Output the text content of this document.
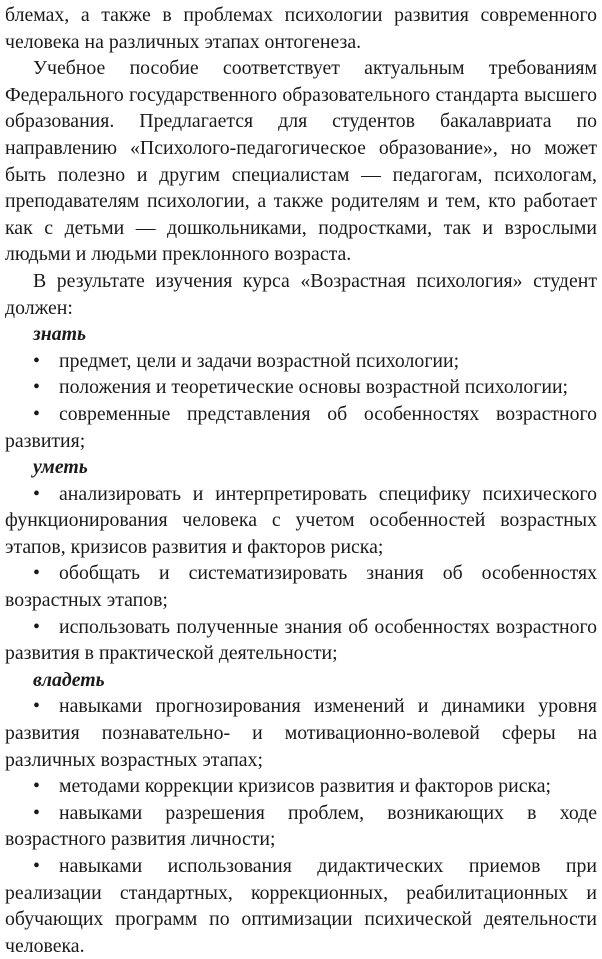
блемах, а также в проблемах психологии развития современного человека на различных этапах онтогенеза.

Учебное пособие соответствует актуальным требованиям Федерального государственного образовательного стандарта высшего образования. Предлагается для студентов бакалавриата по направлению «Психолого-педагогическое образование», но может быть полезно и другим специалистам — педагогам, психологам, преподавателям психологии, а также родителям и тем, кто работает как с детьми — дошкольниками, подростками, так и взрослыми людьми и людьми преклонного возраста.

В результате изучения курса «Возрастная психология» студент должен:

знать

• предмет, цели и задачи возрастной психологии;

• положения и теоретические основы возрастной психологии;

• современные представления об особенностях возрастного развития;

уметь

• анализировать и интерпретировать специфику психического функционирования человека с учетом особенностей возрастных этапов, кризисов развития и факторов риска;

• обобщать и систематизировать знания об особенностях возрастных этапов;

• использовать полученные знания об особенностях возрастного развития в практической деятельности;

владеть

• навыками прогнозирования изменений и динамики уровня развития познавательно- и мотивационно-волевой сферы на различных возрастных этапах;

• методами коррекции кризисов развития и факторов риска;

• навыками разрешения проблем, возникающих в ходе возрастного развития личности;

• навыками использования дидактических приемов при реализации стандартных, коррекционных, реабилитационных и обучающих программ по оптимизации психической деятельности человека.
